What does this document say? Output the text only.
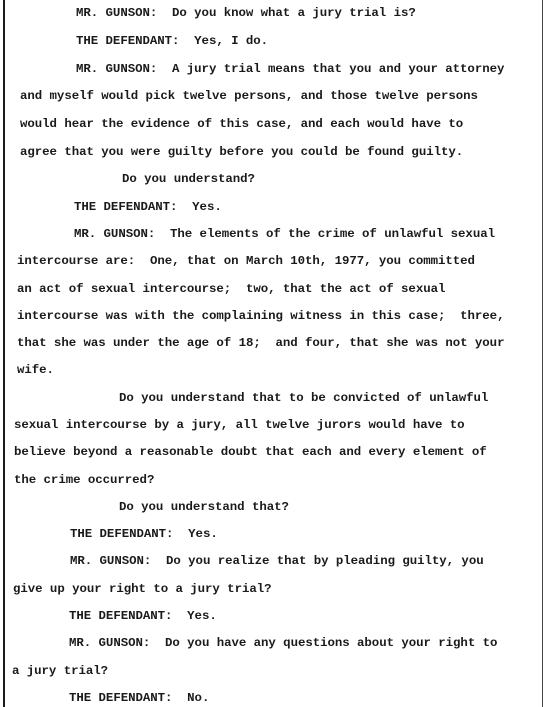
MR. GUNSON:  Do you know what a jury trial is?
THE DEFENDANT:  Yes, I do.
MR. GUNSON:  A jury trial means that you and your attorney
and myself would pick twelve persons, and those twelve persons
would hear the evidence of this case, and each would have to
agree that you were guilty before you could be found guilty.
Do you understand?
THE DEFENDANT:  Yes.
MR. GUNSON:  The elements of the crime of unlawful sexual
intercourse are:  One, that on March 10th, 1977, you committed
an act of sexual intercourse;  two, that the act of sexual
intercourse was with the complaining witness in this case;  three,
that she was under the age of 18;  and four, that she was not your
wife.
Do you understand that to be convicted of unlawful
sexual intercourse by a jury, all twelve jurors would have to
believe beyond a reasonable doubt that each and every element of
the crime occurred?
Do you understand that?
THE DEFENDANT:  Yes.
MR. GUNSON:  Do you realize that by pleading guilty, you
give up your right to a jury trial?
THE DEFENDANT:  Yes.
MR. GUNSON:  Do you have any questions about your right to
a jury trial?
THE DEFENDANT:  No.
